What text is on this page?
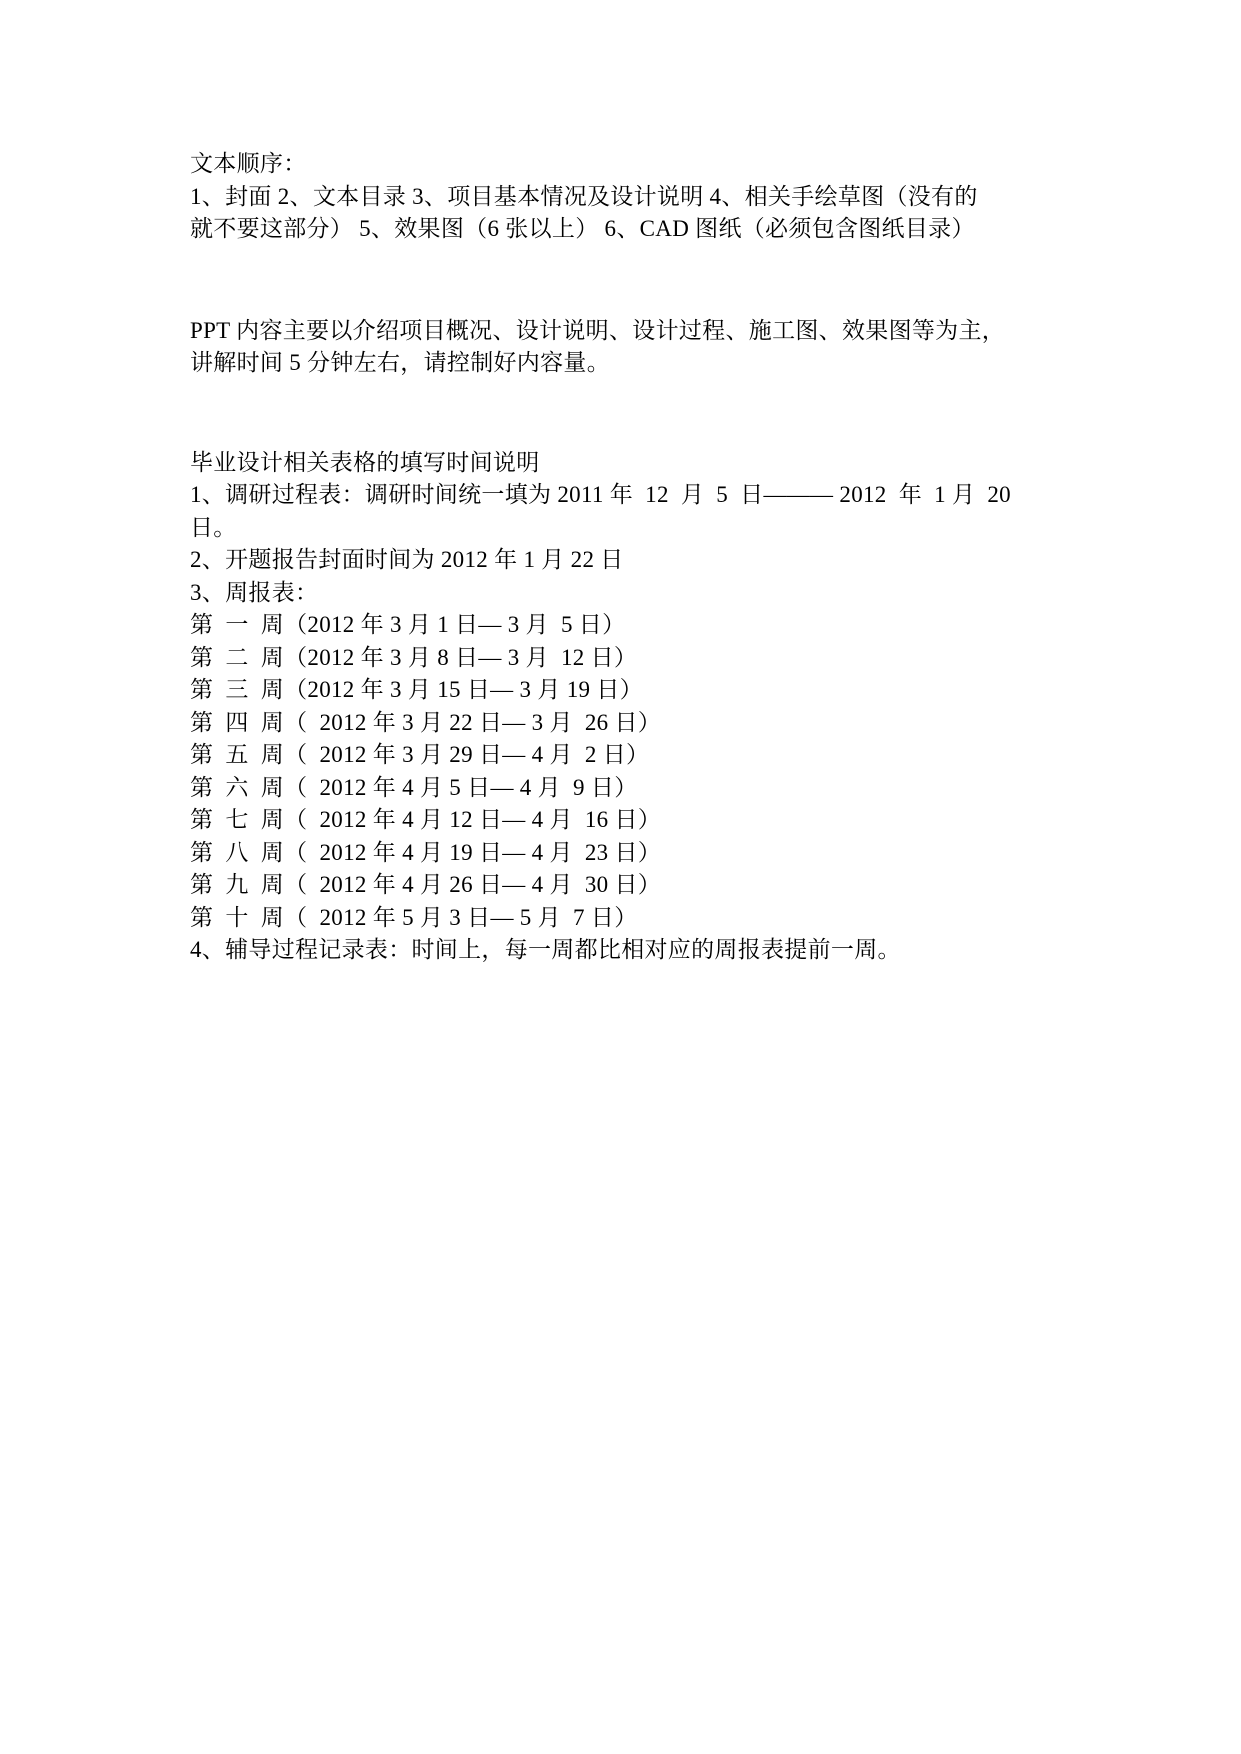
文本顺序：
1、封面 2、文本目录 3、项目基本情况及设计说明 4、相关手绘草图（没有的
就不要这部分） 5、效果图（6 张以上） 6、CAD 图纸（必须包含图纸目录）
PPT 内容主要以介绍项目概况、设计说明、设计过程、施工图、效果图等为主，
讲解时间 5 分钟左右，请控制好内容量。
毕业设计相关表格的填写时间说明
1、调研过程表：调研时间统一填为 2011 年  12  月  5  日——— 2012  年  1 月  20
日。
2、开题报告封面时间为 2012 年 1 月 22 日
3、周报表：
第  一  周（2012 年 3 月 1 日— 3 月  5 日）
第  二  周（2012 年 3 月 8 日— 3 月  12 日）
第  三  周（2012 年 3 月 15 日— 3 月 19 日）
第  四  周（  2012 年 3 月 22 日— 3 月  26 日）
第  五  周（  2012 年 3 月 29 日— 4 月  2 日）
第  六  周（  2012 年 4 月 5 日— 4 月  9 日）
第  七  周（  2012 年 4 月 12 日— 4 月  16 日）
第  八  周（  2012 年 4 月 19 日— 4 月  23 日）
第  九  周（  2012 年 4 月 26 日— 4 月  30 日）
第  十  周（  2012 年 5 月 3 日— 5 月  7 日）
4、辅导过程记录表：时间上，每一周都比相对应的周报表提前一周。
